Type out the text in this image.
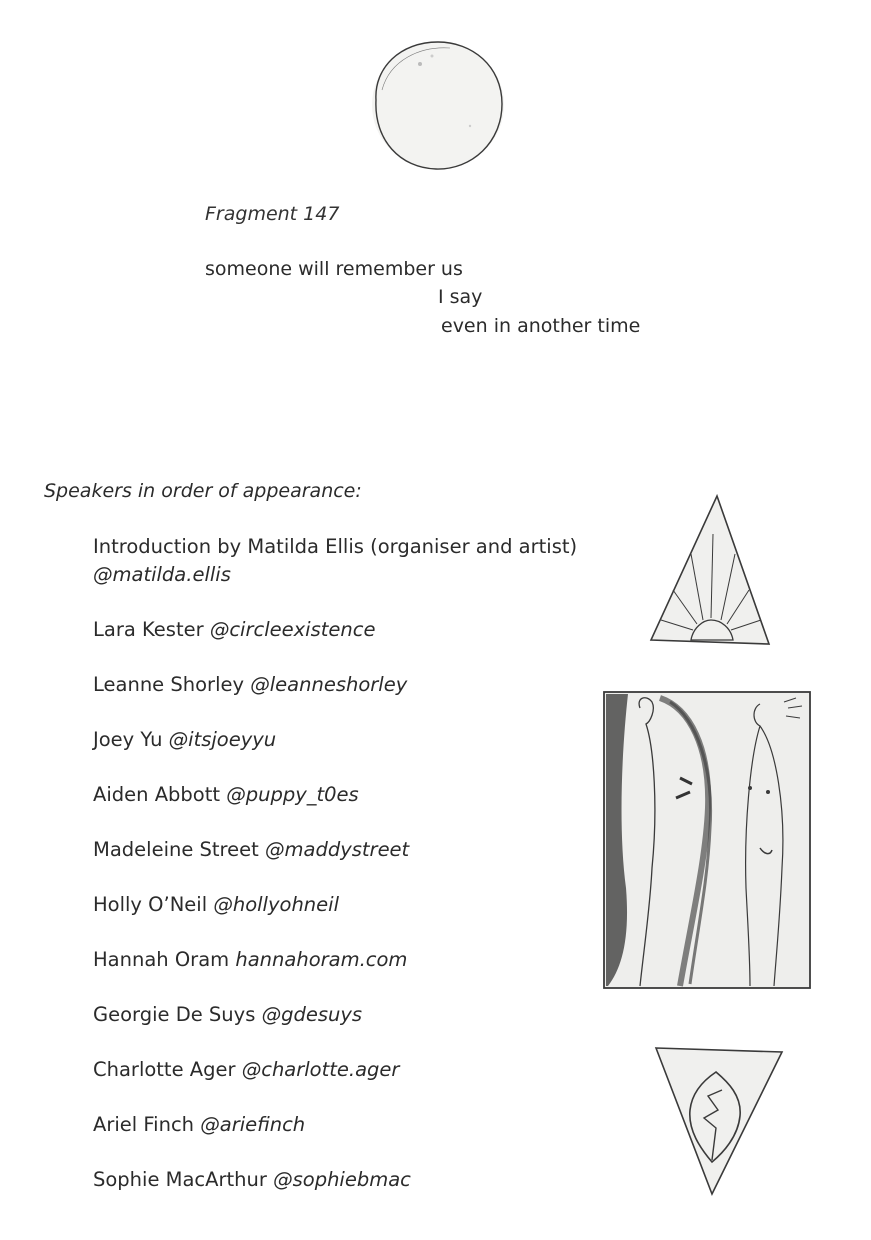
Fragment 147
someone will remember us
I say
even in another time
Speakers in order of appearance:
Introduction by Matilda Ellis (organiser and artist)
@matilda.ellis
Lara Kester @circleexistence
Leanne Shorley @leanneshorley
Joey Yu @itsjoeyyu
Aiden Abbott @puppy_t0es
Madeleine Street @maddystreet
Holly O’Neil @hollyohneil
Hannah Oram hannahoram.com
Georgie De Suys @gdesuys
Charlotte Ager @charlotte.ager
Ariel Finch @ariefinch
Sophie MacArthur @sophiebmac
